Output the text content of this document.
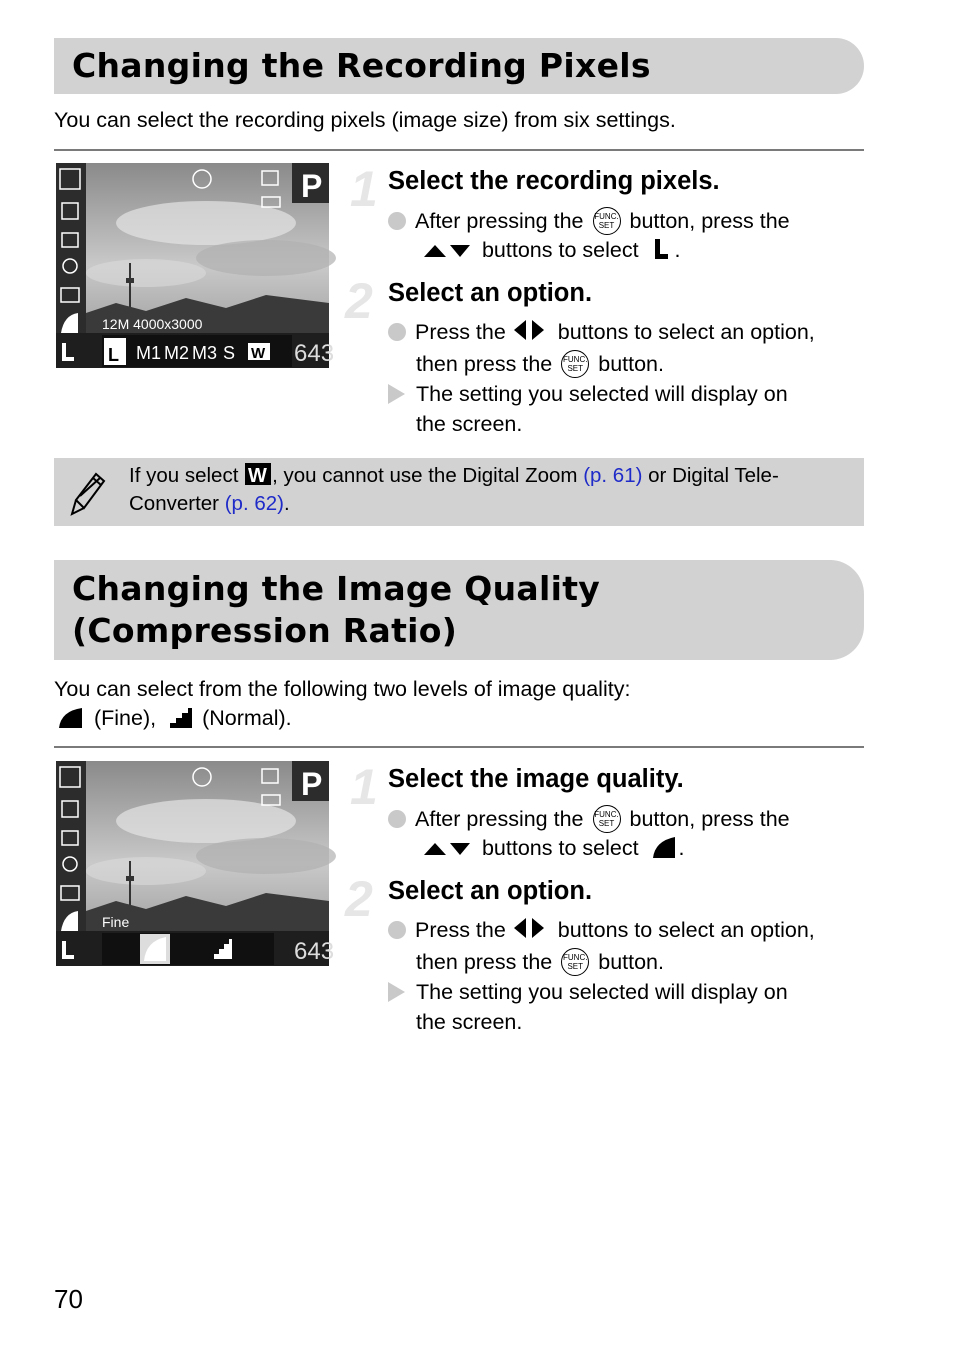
Changing the Recording Pixels
You can select the recording pixels (image size) from six settings.
P
12M 4000x3000
643
L M1 M2 M3 S W
1 Select the recording pixels.
After pressing the FUNC.
SET button, press the
buttons to select .
2 Select an option.
Press the buttons to select an option,
then press the FUNC.
SET button.
The setting you selected will display on
the screen.
If you select W , you cannot use the Digital Zoom (p. 61) or Digital Tele-
Converter (p. 62).
Changing the Image Quality
(Compression Ratio)
You can select from the following two levels of image quality:
(Fine), (Normal).
P
Fine
643
1 Select the image quality.
After pressing the FUNC.
SET button, press the
buttons to select .
2 Select an option.
Press the buttons to select an option,
then press the FUNC.
SET button.
The setting you selected will display on
the screen.
70
